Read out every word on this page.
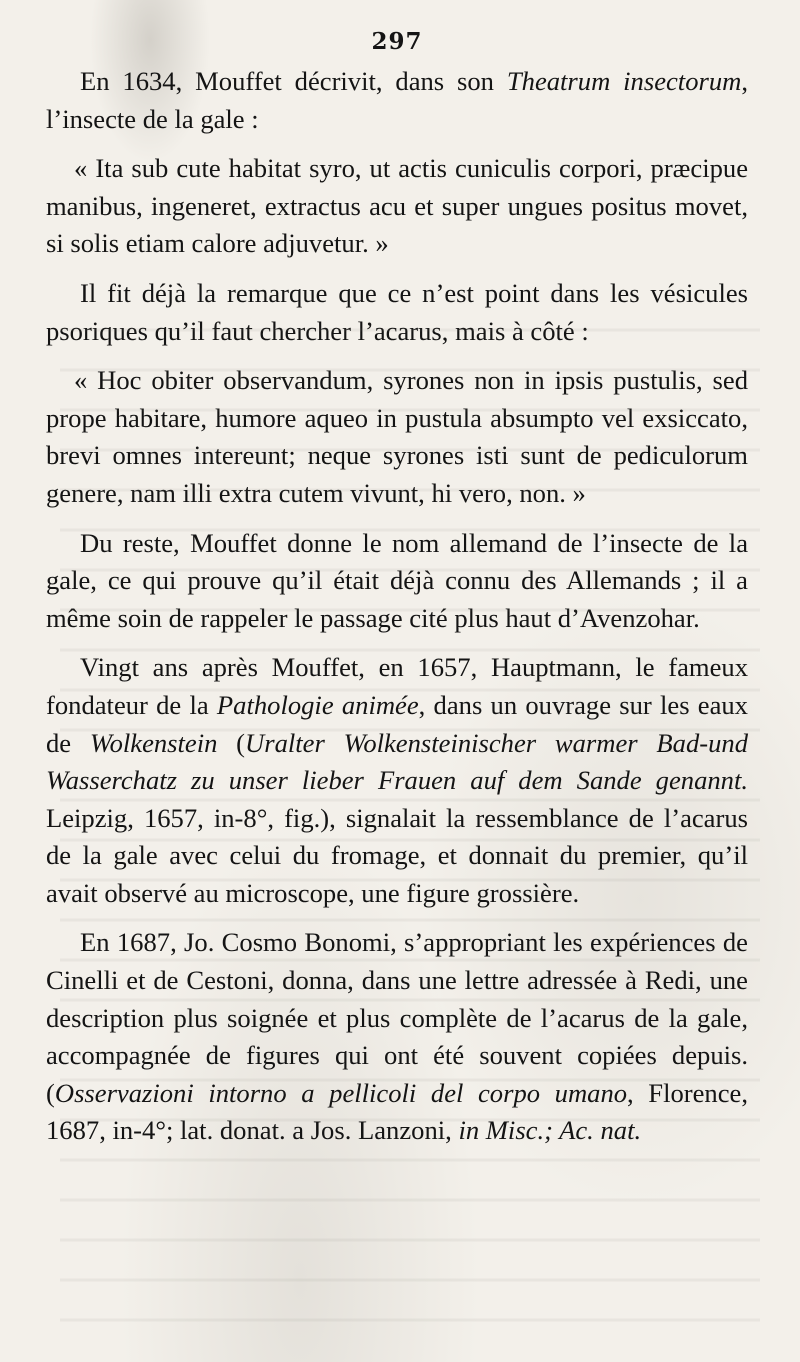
297

En 1634, Mouffet décrivit, dans son Theatrum insectorum, l’insecte de la gale :

« Ita sub cute habitat syro, ut actis cuniculis corpori, præcipue manibus, ingeneret, extractus acu et super ungues positus movet, si solis etiam calore adjuvetur. »

Il fit déjà la remarque que ce n’est point dans les vésicules psoriques qu’il faut chercher l’acarus, mais à côté :

« Hoc obiter observandum, syrones non in ipsis pustulis, sed prope habitare, humore aqueo in pustula absumpto vel exsiccato, brevi omnes intereunt; neque syrones isti sunt de pediculorum genere, nam illi extra cutem vivunt, hi vero, non. »

Du reste, Mouffet donne le nom allemand de l’insecte de la gale, ce qui prouve qu’il était déjà connu des Allemands ; il a même soin de rappeler le passage cité plus haut d’Avenzohar.

Vingt ans après Mouffet, en 1657, Hauptmann, le fameux fondateur de la Pathologie animée, dans un ouvrage sur les eaux de Wolkenstein (Uralter Wolkensteinischer warmer Bad-und Wasserchatz zu unser lieber Frauen auf dem Sande genannt. Leipzig, 1657, in-8°, fig.), signalait la ressemblance de l’acarus de la gale avec celui du fromage, et donnait du premier, qu’il avait observé au microscope, une figure grossière.

En 1687, Jo. Cosmo Bonomi, s’appropriant les expériences de Cinelli et de Cestoni, donna, dans une lettre adressée à Redi, une description plus soignée et plus complète de l’acarus de la gale, accompagnée de figures qui ont été souvent copiées depuis. (Osservazioni intorno a pellicoli del corpo umano, Florence, 1687, in-4°; lat. donat. a Jos. Lanzoni, in Misc.; Ac. nat.
